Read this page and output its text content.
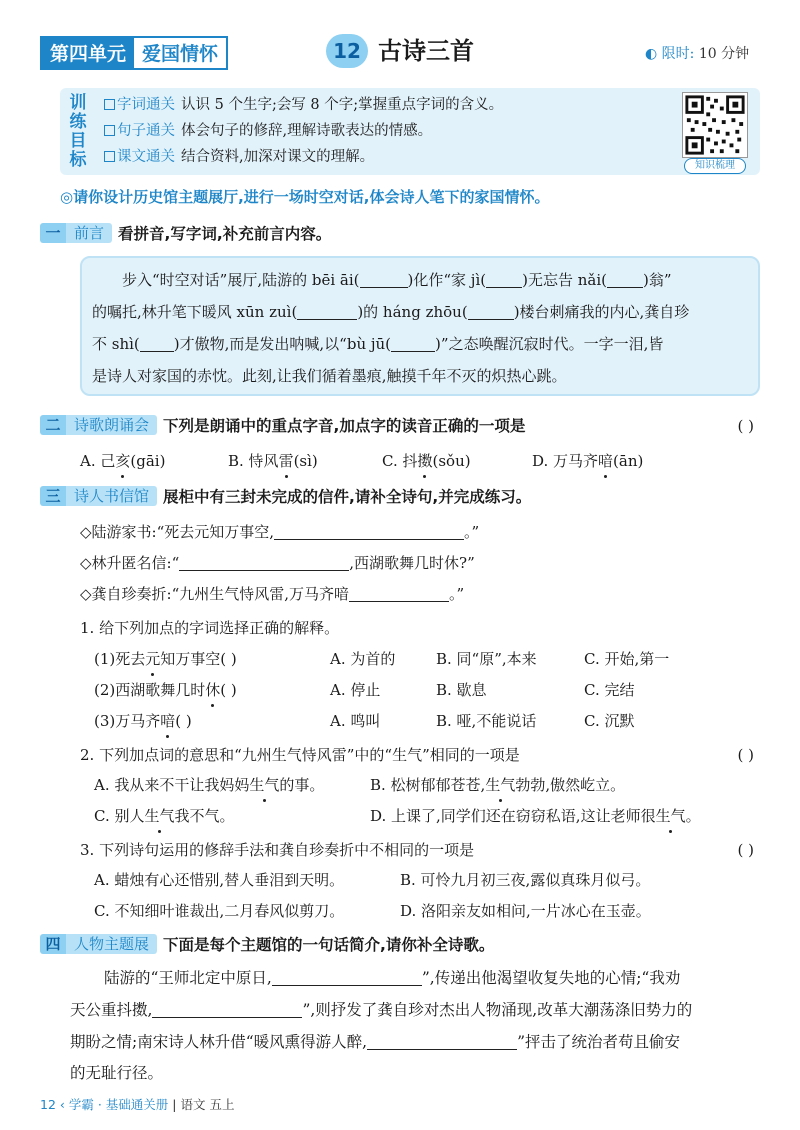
第四单元 爱国情怀	12 古诗三首	◐ 限时: 10 分钟
训
练
目
标
字词通关 认识 5 个生字;会写 8 个字;掌握重点字词的含义。
句子通关 体会句子的修辞,理解诗歌表达的情感。
课文通关 结合资料,加深对课文的理解。
知识梳理
◎请你设计历史馆主题展厅,进行一场时空对话,体会诗人笔下的家国情怀。
一 前言 看拼音,写字词,补充前言内容。
步入“时空对话”展厅,陆游的 bēi āi(	)化作“家 jì( )无忘告 nǎi( )翁”
的嘱托,林升笔下暖风 xūn zuì(	)的 háng zhōu(	)楼台刺痛我的内心,龚自珍
不 shì( )才傲物,而是发出呐喊,以“bù jū(	)”之态唤醒沉寂时代。一字一泪,皆
是诗人对家国的赤忱。此刻,让我们循着墨痕,触摸千年不灭的炽热心跳。
二 诗歌朗诵会 下列是朗诵中的重点字音,加点字的读音正确的一项是	( )
A. 己亥(gāi)	B. 恃风雷(sì)	C. 抖擞(sǒu)	D. 万马齐喑(ān)
三 诗人书信馆 展柜中有三封未完成的信件,请补全诗句,并完成练习。
◇陆游家书:“死去元知万事空,	。”
◇林升匿名信:“	,西湖歌舞几时休?”
◇龚自珍奏折:“九州生气恃风雷,万马齐喑	。”
1. 给下列加点的字词选择正确的解释。
(1)死去元知万事空( )	A. 为首的	B. 同“原”,本来	C. 开始,第一
(2)西湖歌舞几时休( )	A. 停止	B. 歇息	C. 完结
(3)万马齐喑( )	A. 鸣叫	B. 哑,不能说话	C. 沉默
2. 下列加点词的意思和“九州生气恃风雷”中的“生气”相同的一项是	( )
A. 我从来不干让我妈妈生气的事。	B. 松树郁郁苍苍,生气勃勃,傲然屹立。
C. 别人生气我不气。	D. 上课了,同学们还在窃窃私语,这让老师很生气。
3. 下列诗句运用的修辞手法和龚自珍奏折中不相同的一项是	( )
A. 蜡烛有心还惜别,替人垂泪到天明。	B. 可怜九月初三夜,露似真珠月似弓。
C. 不知细叶谁裁出,二月春风似剪刀。	D. 洛阳亲友如相问,一片冰心在玉壶。
四 人物主题展 下面是每个主题馆的一句话简介,请你补全诗歌。
陆游的“王师北定中原日,	”,传递出他渴望收复失地的心情;“我劝
天公重抖擞,	”,则抒发了龚自珍对杰出人物涌现,改革大潮荡涤旧势力的
期盼之情;南宋诗人林升借“暖风熏得游人醉,	”抨击了统治者苟且偷安
的无耻行径。
12 ‹ 学霸 · 基础通关册 | 语文 五上
